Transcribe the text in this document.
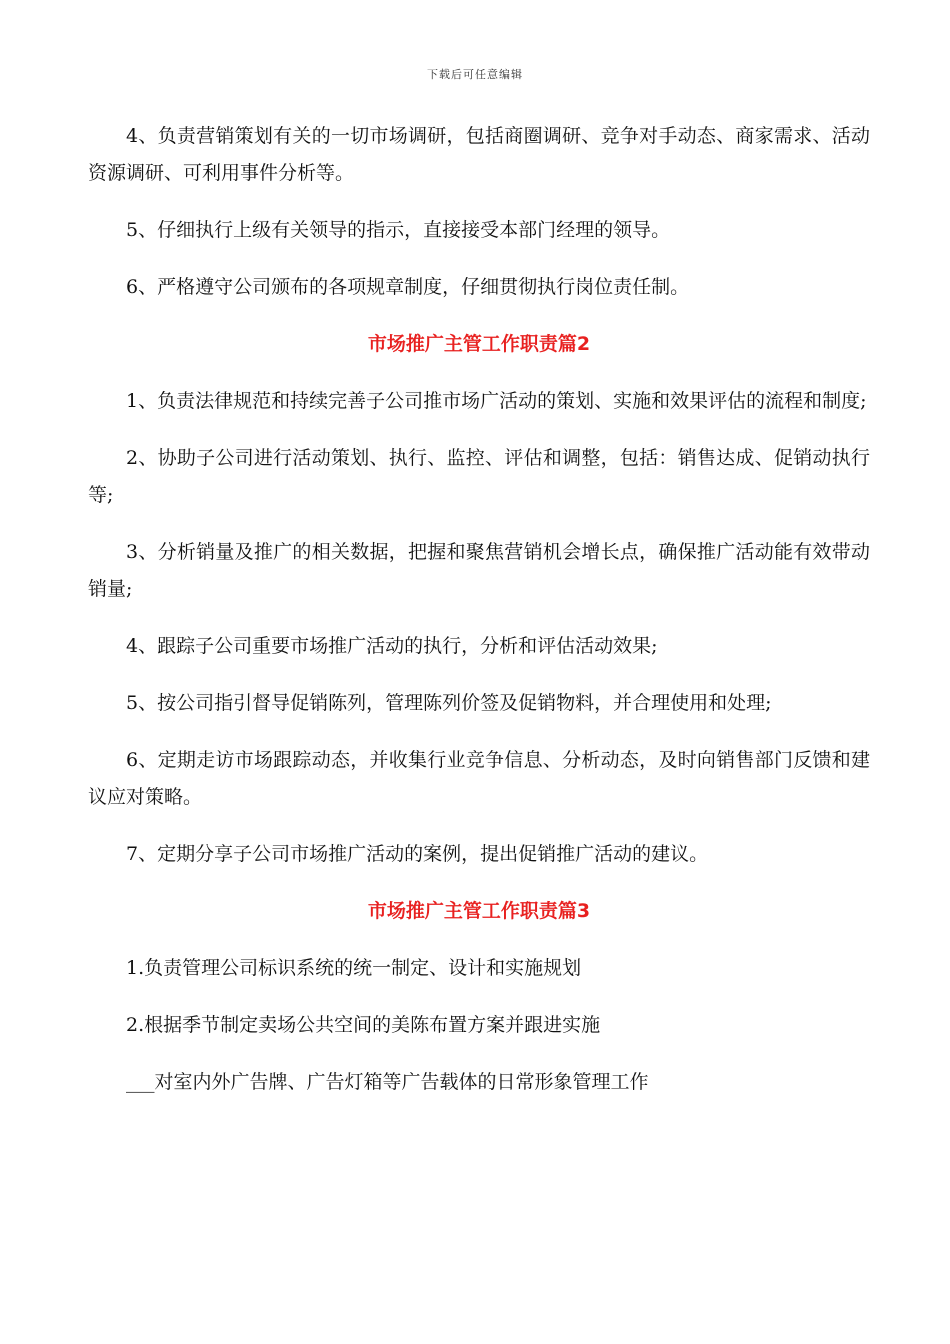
下载后可任意编辑

4、负责营销策划有关的一切市场调研，包括商圈调研、竞争对手动态、商家需求、活动资源调研、可利用事件分析等。

5、仔细执行上级有关领导的指示，直接接受本部门经理的领导。

6、严格遵守公司颁布的各项规章制度，仔细贯彻执行岗位责任制。

市场推广主管工作职责篇2

1、负责法律规范和持续完善子公司推市场广活动的策划、实施和效果评估的流程和制度;

2、协助子公司进行活动策划、执行、监控、评估和调整，包括：销售达成、促销动执行等;

3、分析销量及推广的相关数据，把握和聚焦营销机会增长点，确保推广活动能有效带动销量;

4、跟踪子公司重要市场推广活动的执行，分析和评估活动效果;

5、按公司指引督导促销陈列，管理陈列价签及促销物料，并合理使用和处理;

6、定期走访市场跟踪动态，并收集行业竞争信息、分析动态，及时向销售部门反馈和建议应对策略。

7、定期分享子公司市场推广活动的案例，提出促销推广活动的建议。

市场推广主管工作职责篇3

1.负责管理公司标识系统的统一制定、设计和实施规划

2.根据季节制定卖场公共空间的美陈布置方案并跟进实施

___对室内外广告牌、广告灯箱等广告载体的日常形象管理工作
